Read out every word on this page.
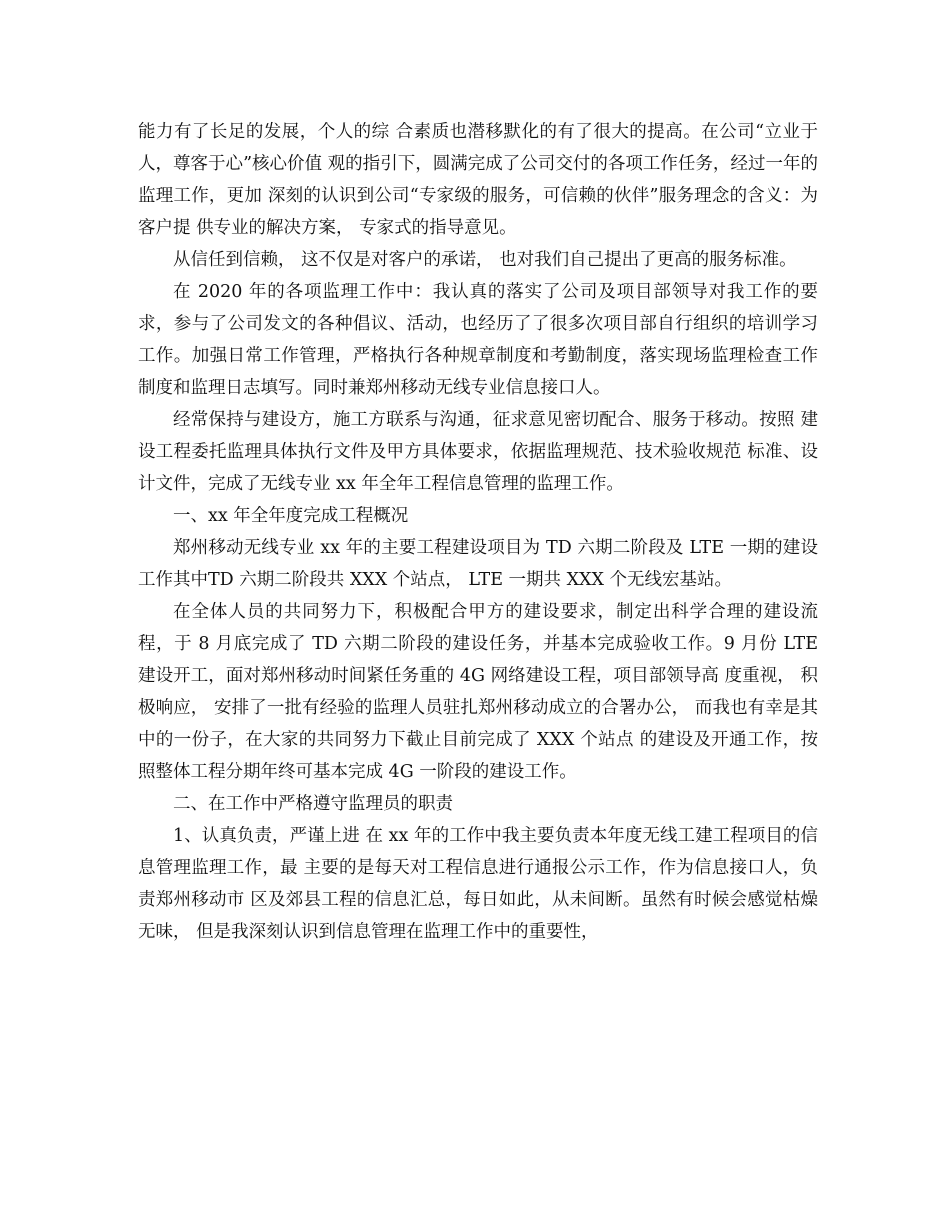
能力有了长足的发展，个人的综 合素质也潜移默化的有了很大的提高。在公司“立业于人，尊客于心”核心价值 观的指引下，圆满完成了公司交付的各项工作任务，经过一年的监理工作，更加 深刻的认识到公司“专家级的服务，可信赖的伙伴”服务理念的含义：为客户提 供专业的解决方案， 专家式的指导意见。

从信任到信赖， 这不仅是对客户的承诺， 也对我们自己提出了更高的服务标准。

在 2020 年的各项监理工作中：我认真的落实了公司及项目部领导对我工作的要求，参与了公司发文的各种倡议、活动，也经历了了很多次项目部自行组织的培训学习工作。加强日常工作管理，严格执行各种规章制度和考勤制度，落实现场监理检查工作制度和监理日志填写。同时兼郑州移动无线专业信息接口人。

经常保持与建设方，施工方联系与沟通，征求意见密切配合、服务于移动。按照 建设工程委托监理具体执行文件及甲方具体要求，依据监理规范、技术验收规范 标准、设计文件，完成了无线专业 xx 年全年工程信息管理的监理工作。

一、xx 年全年度完成工程概况

郑州移动无线专业 xx 年的主要工程建设项目为 TD 六期二阶段及 LTE 一期的建设工作其中TD 六期二阶段共 XXX 个站点， LTE 一期共 XXX 个无线宏基站。

在全体人员的共同努力下，积极配合甲方的建设要求，制定出科学合理的建设流 程，于 8 月底完成了 TD 六期二阶段的建设任务，并基本完成验收工作。9 月份 LTE 建设开工，面对郑州移动时间紧任务重的 4G 网络建设工程，项目部领导高 度重视， 积极响应， 安排了一批有经验的监理人员驻扎郑州移动成立的合署办公， 而我也有幸是其中的一份子，在大家的共同努力下截止目前完成了 XXX 个站点 的建设及开通工作，按照整体工程分期年终可基本完成 4G 一阶段的建设工作。

二、在工作中严格遵守监理员的职责

1、认真负责，严谨上进 在 xx 年的工作中我主要负责本年度无线工建工程项目的信息管理监理工作，最 主要的是每天对工程信息进行通报公示工作，作为信息接口人，负责郑州移动市 区及郊县工程的信息汇总，每日如此，从未间断。虽然有时候会感觉枯燥无味， 但是我深刻认识到信息管理在监理工作中的重要性，
